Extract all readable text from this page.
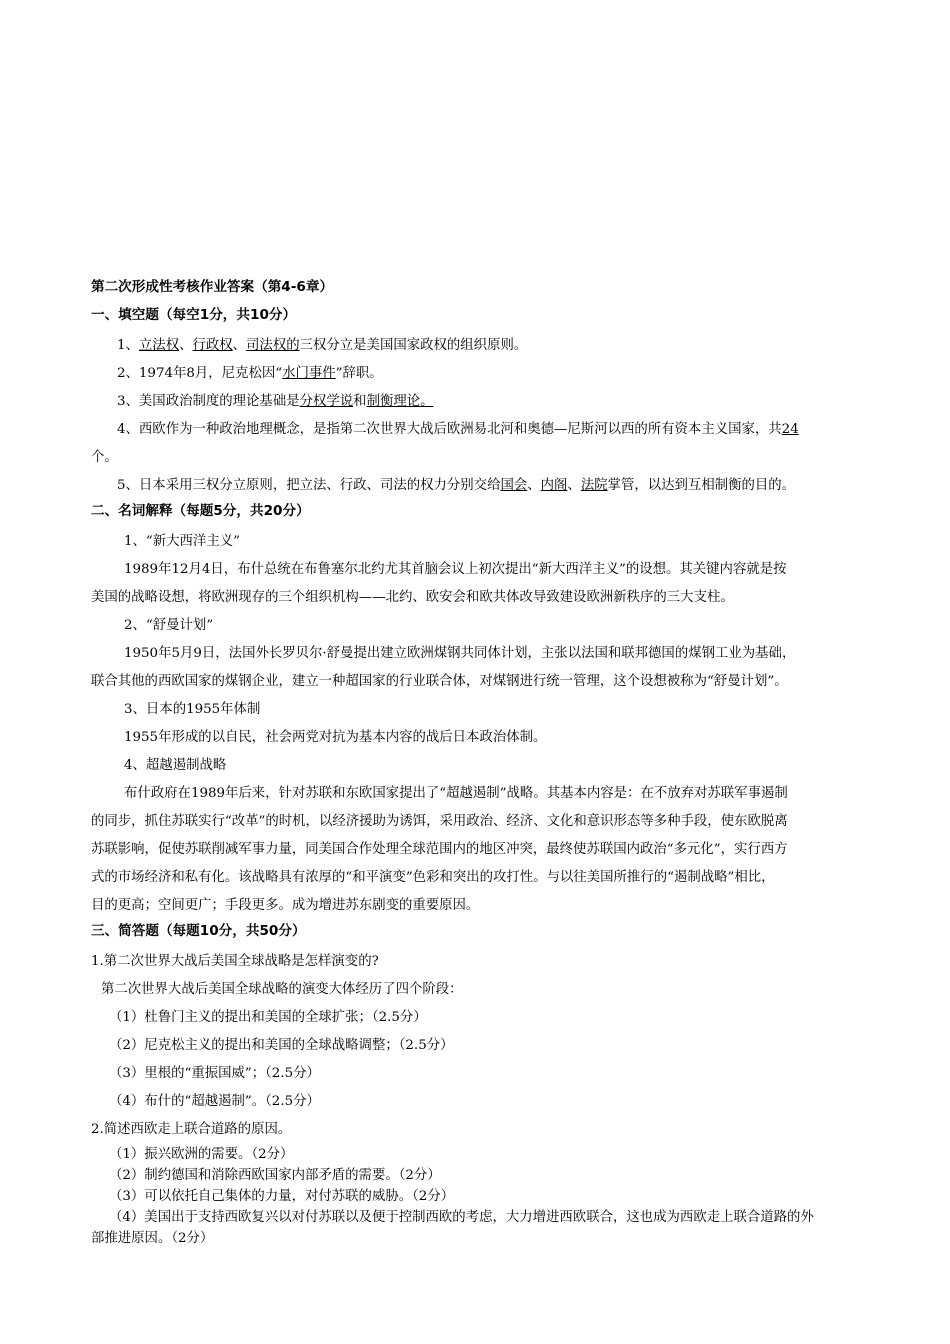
第二次形成性考核作业答案（第4-6章）
一、填空题（每空1分，共10分）
1、立法权、行政权、司法权的三权分立是美国国家政权的组织原则。
2、1974年8月，尼克松因“水门事件”辞职。
3、美国政治制度的理论基础是分权学说和制衡理论。
4、西欧作为一种政治地理概念，是指第二次世界大战后欧洲易北河和奥德—尼斯河以西的所有资本主义国家，共24
个。
5、日本采用三权分立原则，把立法、行政、司法的权力分别交给国会、内阁、法院掌管，以达到互相制衡的目的。
二、名词解释（每题5分，共20分）
1、“新大西洋主义”
1989年12月4日，布什总统在布鲁塞尔北约尤其首脑会议上初次提出“新大西洋主义”的设想。其关键内容就是按
美国的战略设想，将欧洲现存的三个组织机构——北约、欧安会和欧共体改导致建设欧洲新秩序的三大支柱。
2、“舒曼计划”
1950年5月9日，法国外长罗贝尔·舒曼提出建立欧洲煤钢共同体计划，主张以法国和联邦德国的煤钢工业为基础，
联合其他的西欧国家的煤钢企业，建立一种超国家的行业联合体，对煤钢进行统一管理，这个设想被称为“舒曼计划”。
3、日本的1955年体制
1955年形成的以自民，社会两党对抗为基本内容的战后日本政治体制。
4、超越遏制战略
布什政府在1989年后来，针对苏联和东欧国家提出了“超越遏制”战略。其基本内容是：在不放弃对苏联军事遏制
的同步，抓住苏联实行“改革”的时机，以经济援助为诱饵，采用政治、经济、文化和意识形态等多种手段，使东欧脱离
苏联影响，促使苏联削减军事力量，同美国合作处理全球范围内的地区冲突，最终使苏联国内政治“多元化”，实行西方
式的市场经济和私有化。该战略具有浓厚的“和平演变”色彩和突出的攻打性。与以往美国所推行的“遏制战略”相比，
目的更高；空间更广；手段更多。成为增进苏东剧变的重要原因。
三、简答题（每题10分，共50分）
1.第二次世界大战后美国全球战略是怎样演变的?
第二次世界大战后美国全球战略的演变大体经历了四个阶段：
（1）杜鲁门主义的提出和美国的全球扩张；（2.5分）
（2）尼克松主义的提出和美国的全球战略调整；（2.5分）
（3）里根的“重振国威”；（2.5分）
（4）布什的“超越遏制”。（2.5分）
2.简述西欧走上联合道路的原因。
（1）振兴欧洲的需要。（2分）
（2）制约德国和消除西欧国家内部矛盾的需要。（2分）
（3）可以依托自己集体的力量，对付苏联的威胁。（2分）
（4）美国出于支持西欧复兴以对付苏联以及便于控制西欧的考虑，大力增进西欧联合，这也成为西欧走上联合道路的外
部推进原因。（2分）
